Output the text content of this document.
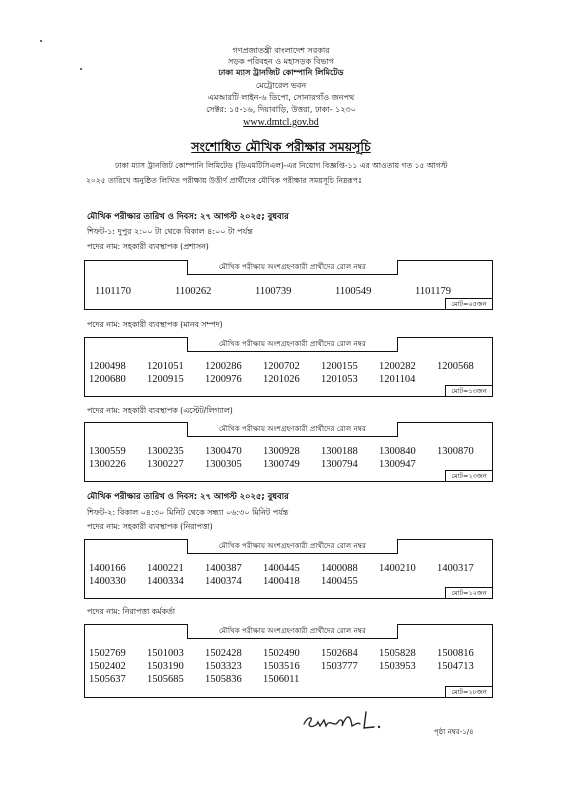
গণপ্রজাতন্ত্রী বাংলাদেশ সরকার
সড়ক পরিবহন ও মহাসড়ক বিভাগ
ঢাকা ম্যাস ট্রানজিট কোম্পানি লিমিটেড
মেট্রোরেল ভবন
এমআরটি লাইন-৬ ডিপো, সোনারগাঁও জনপথ
সেক্টর: ১৫-১৬, দিয়াবাড়ি, উত্তরা, ঢাকা- ১২৩০
www.dmtcl.gov.bd
সংশোধিত মৌখিক পরীক্ষার সময়সূচি
ঢাকা ম্যাস ট্রানজিট কোম্পানি লিমিটেড (ডিএমটিসিএল)-এর নিয়োগ বিজ্ঞপ্তি-১১ এর আওতায় গত ১৫ আগস্ট
২০২৫ তারিখে অনুষ্ঠিত লিখিত পরীক্ষায় উত্তীর্ণ প্রার্থীদের মৌখিক পরীক্ষার সময়সূচি নিম্নরূপঃ
মৌখিক পরীক্ষার তারিখ ও দিবস: ২৭ আগস্ট ২০২৫; বুধবার
শিফট-১: দুপুর ২:০০ টা থেকে বিকাল ৪:০০ টা পর্যন্ত
পদের নাম: সহকারী ব্যবস্থাপক (প্রশাসন)
মৌখিক পরীক্ষায় অংশগ্রহণকারী প্রার্থীদের রোল নম্বর
1101170	1100262	1100739	1100549	1101179
মোট=০৫জন
পদের নাম: সহকারী ব্যবস্থাপক (মানব সম্পদ)
মৌখিক পরীক্ষায় অংশগ্রহণকারী প্রার্থীদের রোল নম্বর
1200498 1201051 1200286 1200702 1200155 1200282 1200568
1200680 1200915 1200976 1201026 1201053 1201104
মোট=১৩জন
পদের নাম: সহকারী ব্যবস্থাপক (এস্টেট/লিগ্যাল)
মৌখিক পরীক্ষায় অংশগ্রহণকারী প্রার্থীদের রোল নম্বর
1300559 1300235 1300470 1300928 1300188 1300840 1300870
1300226 1300227 1300305 1300749 1300794 1300947
মোট=১৩জন
মৌখিক পরীক্ষার তারিখ ও দিবস: ২৭ আগস্ট ২০২৫; বুধবার
শিফট-২: বিকাল ০৪:৩০ মিনিট থেকে সন্ধ্যা ০৬:৩০ মিনিট পর্যন্ত
পদের নাম: সহকারী ব্যবস্থাপক (নিরাপত্তা)
মৌখিক পরীক্ষায় অংশগ্রহণকারী প্রার্থীদের রোল নম্বর
1400166 1400221 1400387 1400445 1400088 1400210 1400317
1400330 1400334 1400374 1400418 1400455
মোট=১২জন
পদের নাম: নিরাপত্তা কর্মকর্তা
মৌখিক পরীক্ষায় অংশগ্রহণকারী প্রার্থীদের রোল নম্বর
1502769 1501003 1502428 1502490 1502684 1505828 1500816
1502402 1503190 1503323 1503516 1503777 1503953 1504713
1505637 1505685 1505836 1506011
মোট=১৮জন
পৃষ্ঠা নম্বর-১/৪
